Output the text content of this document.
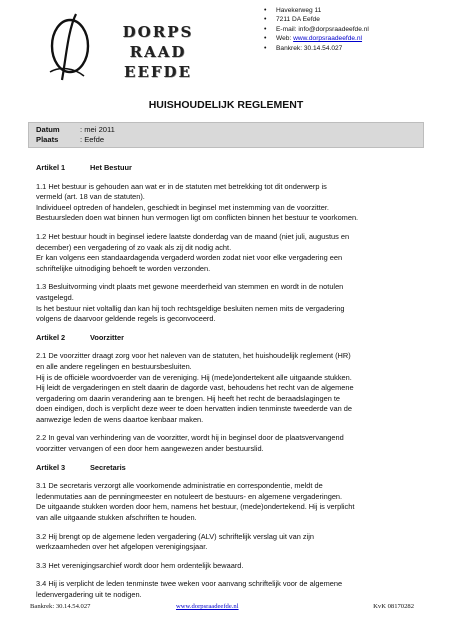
DORPS
RAAD
EEFDE
• Havekerweg 11
• 7211 DA Eefde
• E-mail: info@dorpsraadeefde.nl
• Web: www.dorpsraadeefde.nl
• Bankrek: 30.14.54.027
HUISHOUDELIJK REGLEMENT
Datum	: mei 2011
Plaats	: Eefde
Artikel 1	Het Bestuur

1.1 Het bestuur is gehouden aan wat er in de statuten met betrekking tot dit onderwerp is
vermeld (art. 18 van de statuten).
Individueel optreden of handelen, geschiedt in beginsel met instemming van de voorzitter.
Bestuursleden doen wat binnen hun vermogen ligt om conflicten binnen het bestuur te voorkomen.

1.2 Het bestuur houdt in beginsel iedere laatste donderdag van de maand (niet juli, augustus en
december) een vergadering of zo vaak als zij dit nodig acht.
Er kan volgens een standaardagenda vergaderd worden zodat niet voor elke vergadering een
schriftelijke uitnodiging behoeft te worden verzonden.

1.3 Besluitvorming vindt plaats met gewone meerderheid van stemmen en wordt in de notulen
vastgelegd.
Is het bestuur niet voltallig dan kan hij toch rechtsgeldige besluiten nemen mits de vergadering
volgens de daarvoor geldende regels is geconvoceerd.

Artikel 2	Voorzitter

2.1 De voorzitter draagt zorg voor het naleven van de statuten, het huishoudelijk reglement (HR)
en alle andere regelingen en bestuursbesluiten.
Hij is de officiële woordvoerder van de vereniging. Hij (mede)ondertekent alle uitgaande stukken.
Hij leidt de vergaderingen en stelt daarin de dagorde vast, behoudens het recht van de algemene
vergadering om daarin verandering aan te brengen. Hij heeft het recht de beraadslagingen te
doen eindigen, doch is verplicht deze weer te doen hervatten indien tenminste tweederde van de
aanwezige leden de wens daartoe kenbaar maken.

2.2 In geval van verhindering van de voorzitter, wordt hij in beginsel door de plaatsvervangend
voorzitter vervangen of een door hem aangewezen ander bestuurslid.

Artikel 3	Secretaris

3.1 De secretaris verzorgt alle voorkomende administratie en correspondentie, meldt de
ledenmutaties aan de penningmeester en notuleert de bestuurs- en algemene vergaderingen.
De uitgaande stukken worden door hem, namens het bestuur, (mede)ondertekend. Hij is verplicht
van alle uitgaande stukken afschriften te houden.

3.2 Hij brengt op de algemene leden vergadering (ALV) schriftelijk verslag uit van zijn
werkzaamheden over het afgelopen verenigingsjaar.

3.3 Het verenigingsarchief wordt door hem ordentelijk bewaard.

3.4 Hij is verplicht de leden tenminste twee weken voor aanvang schriftelijk voor de algemene
ledenvergadering uit te nodigen.

Bankrek: 30.14.54.027	www.dorpsraadeefde.nl	KvK 08170282
